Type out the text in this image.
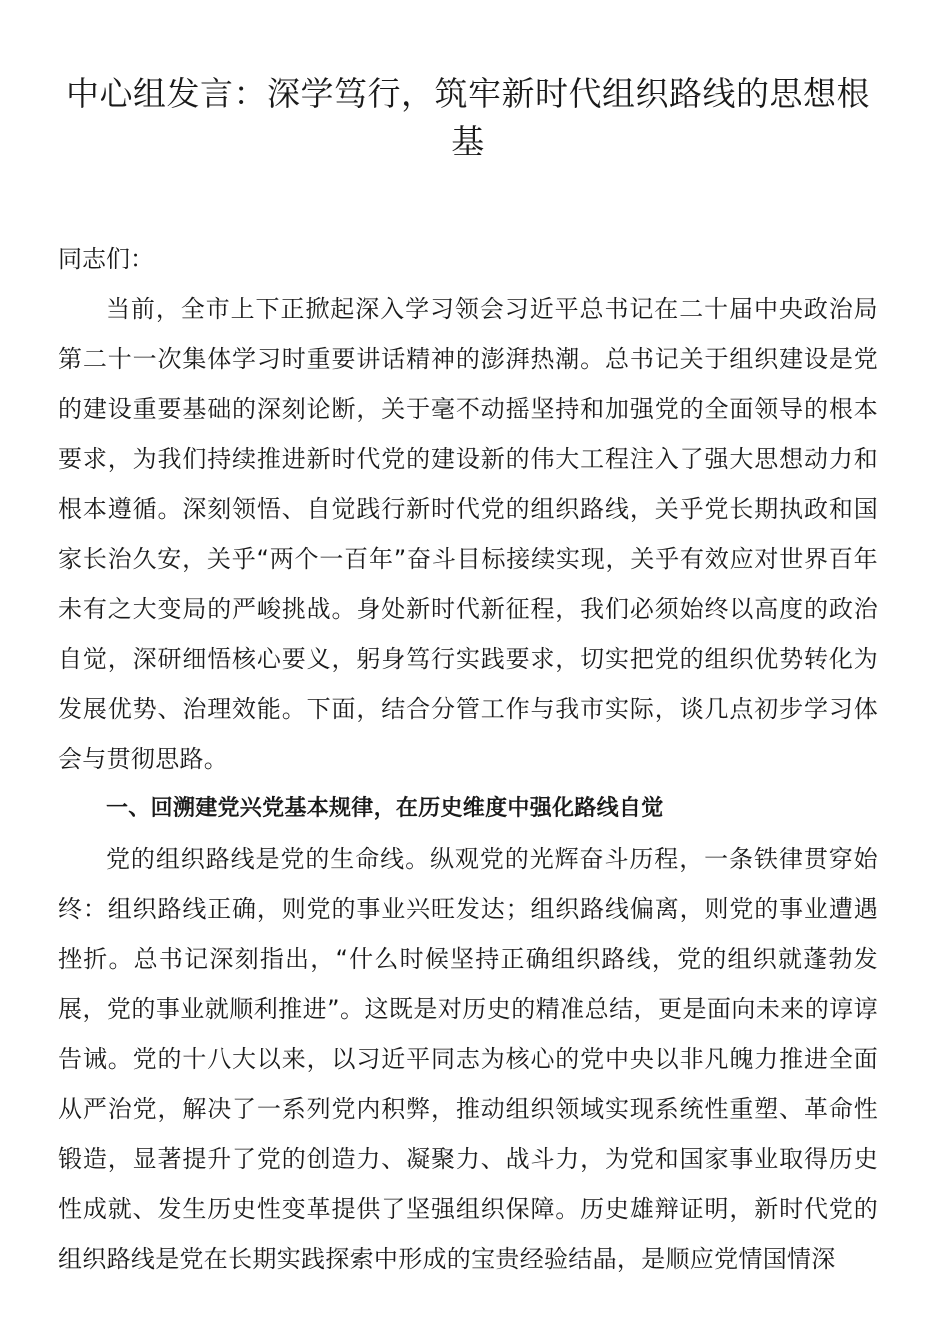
中心组发言：深学笃行，筑牢新时代组织路线的思想根基

同志们：

当前，全市上下正掀起深入学习领会习近平总书记在二十届中央政治局第二十一次集体学习时重要讲话精神的澎湃热潮。总书记关于组织建设是党的建设重要基础的深刻论断，关于毫不动摇坚持和加强党的全面领导的根本要求，为我们持续推进新时代党的建设新的伟大工程注入了强大思想动力和根本遵循。深刻领悟、自觉践行新时代党的组织路线，关乎党长期执政和国家长治久安，关乎“两个一百年”奋斗目标接续实现，关乎有效应对世界百年未有之大变局的严峻挑战。身处新时代新征程，我们必须始终以高度的政治自觉，深研细悟核心要义，躬身笃行实践要求，切实把党的组织优势转化为发展优势、治理效能。下面，结合分管工作与我市实际，谈几点初步学习体会与贯彻思路。

一、回溯建党兴党基本规律，在历史维度中强化路线自觉

党的组织路线是党的生命线。纵观党的光辉奋斗历程，一条铁律贯穿始终：组织路线正确，则党的事业兴旺发达；组织路线偏离，则党的事业遭遇挫折。总书记深刻指出，“什么时候坚持正确组织路线，党的组织就蓬勃发展，党的事业就顺利推进”。这既是对历史的精准总结，更是面向未来的谆谆告诫。党的十八大以来，以习近平同志为核心的党中央以非凡魄力推进全面从严治党，解决了一系列党内积弊，推动组织领域实现系统性重塑、革命性锻造，显著提升了党的创造力、凝聚力、战斗力，为党和国家事业取得历史性成就、发生历史性变革提供了坚强组织保障。历史雄辩证明，新时代党的组织路线是党在长期实践探索中形成的宝贵经验结晶，是顺应党情国情深
